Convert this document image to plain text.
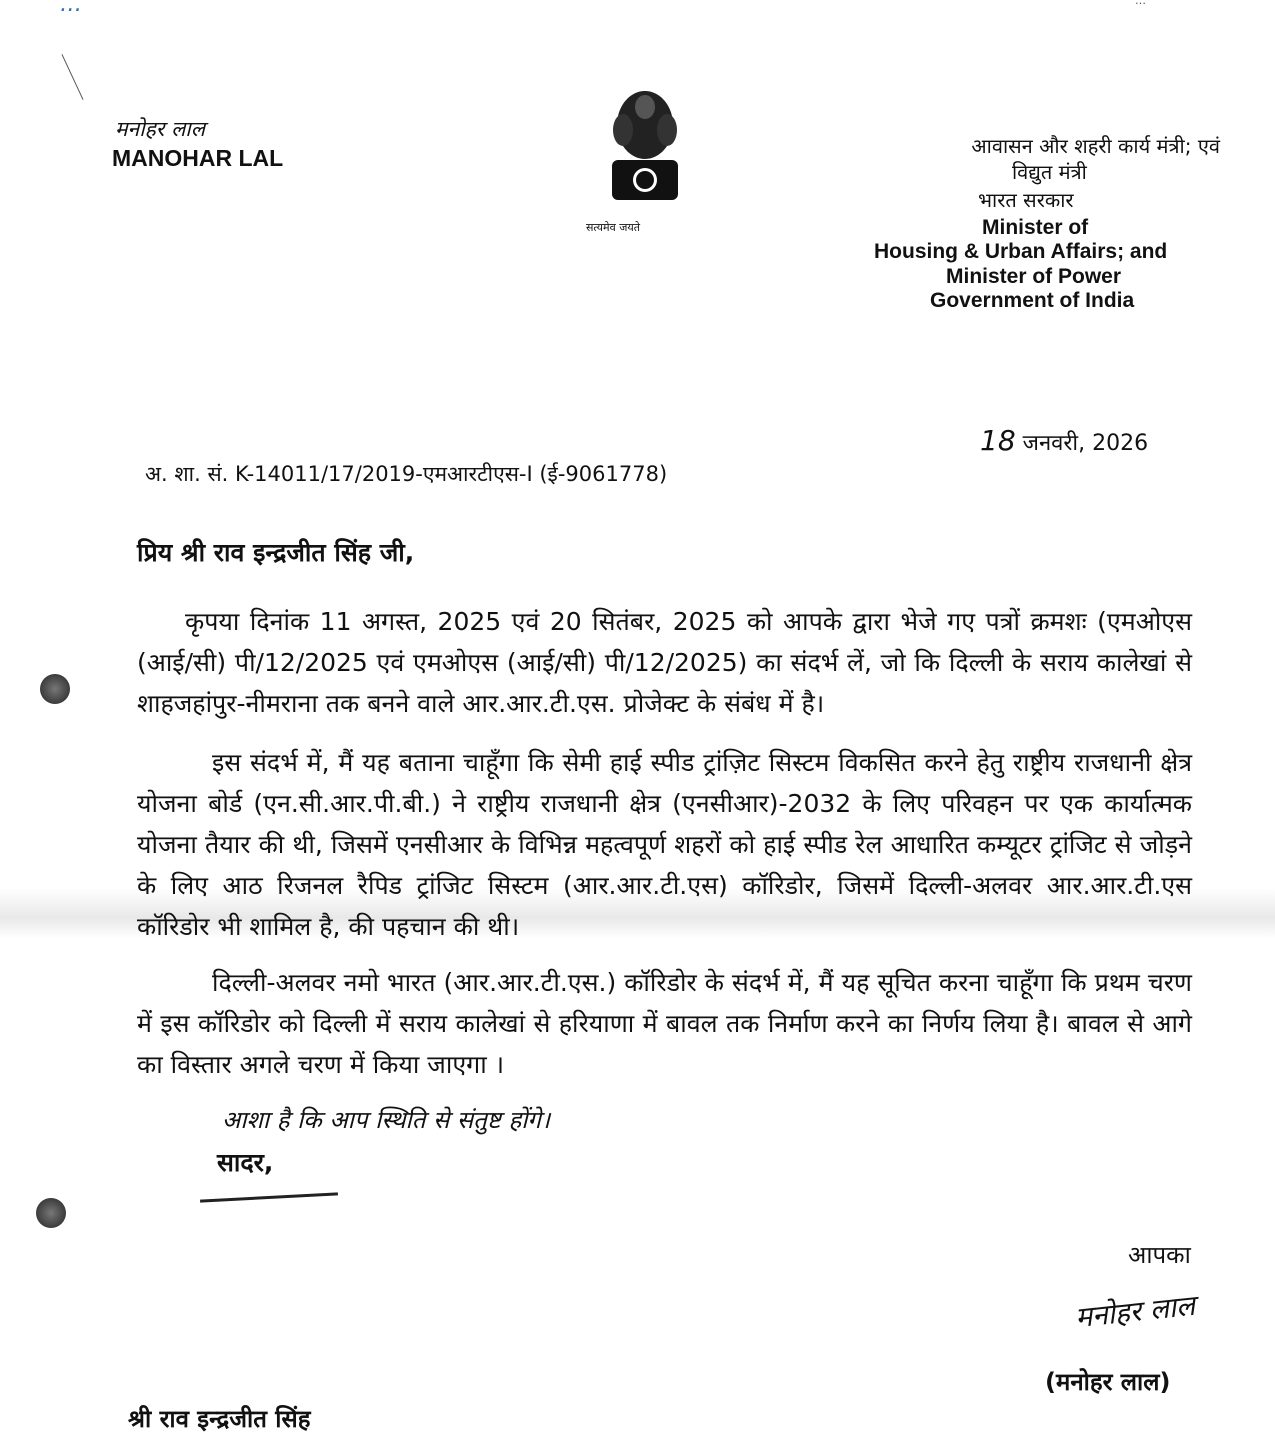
…	…
मनोहर लाल
MANOHAR LAL
सत्यमेव जयते
आवासन और शहरी कार्य मंत्री; एवं
विद्युत मंत्री
भारत सरकार
Minister of
Housing & Urban Affairs; and
Minister of Power
Government of India
18 जनवरी, 2026
अ. शा. सं. K-14011/17/2019-एमआरटीएस-I (ई-9061778)
प्रिय श्री राव इन्द्रजीत सिंह जी,
कृपया दिनांक 11 अगस्त, 2025 एवं 20 सितंबर, 2025 को आपके द्वारा भेजे गए पत्रों क्रमशः (एमओएस (आई/सी) पी/12/2025 एवं एमओएस (आई/सी) पी/12/2025) का संदर्भ लें, जो कि दिल्ली के सराय कालेखां से शाहजहांपुर-नीमराना तक बनने वाले आर.आर.टी.एस. प्रोजेक्ट के संबंध में है।
इस संदर्भ में, मैं यह बताना चाहूँगा कि सेमी हाई स्पीड ट्रांज़िट सिस्टम विकसित करने हेतु राष्ट्रीय राजधानी क्षेत्र योजना बोर्ड (एन.सी.आर.पी.बी.) ने राष्ट्रीय राजधानी क्षेत्र (एनसीआर)-2032 के लिए परिवहन पर एक कार्यात्मक योजना तैयार की थी, जिसमें एनसीआर के विभिन्न महत्वपूर्ण शहरों को हाई स्पीड रेल आधारित कम्यूटर ट्रांजिट से जोड़ने के लिए आठ रिजनल रैपिड ट्रांजिट सिस्टम (आर.आर.टी.एस) कॉरिडोर, जिसमें दिल्ली-अलवर आर.आर.टी.एस कॉरिडोर भी शामिल है, की पहचान की थी।
दिल्ली-अलवर नमो भारत (आर.आर.टी.एस.) कॉरिडोर के संदर्भ में, मैं यह सूचित करना चाहूँगा कि प्रथम चरण में इस कॉरिडोर को दिल्ली में सराय कालेखां से हरियाणा में बावल तक निर्माण करने का निर्णय लिया है। बावल से आगे का विस्तार अगले चरण में किया जाएगा ।
आशा है कि आप स्थिति से संतुष्ट होंगे।
सादर,
आपका
मनोहर लाल
(मनोहर लाल)
श्री राव इन्द्रजीत सिंह
